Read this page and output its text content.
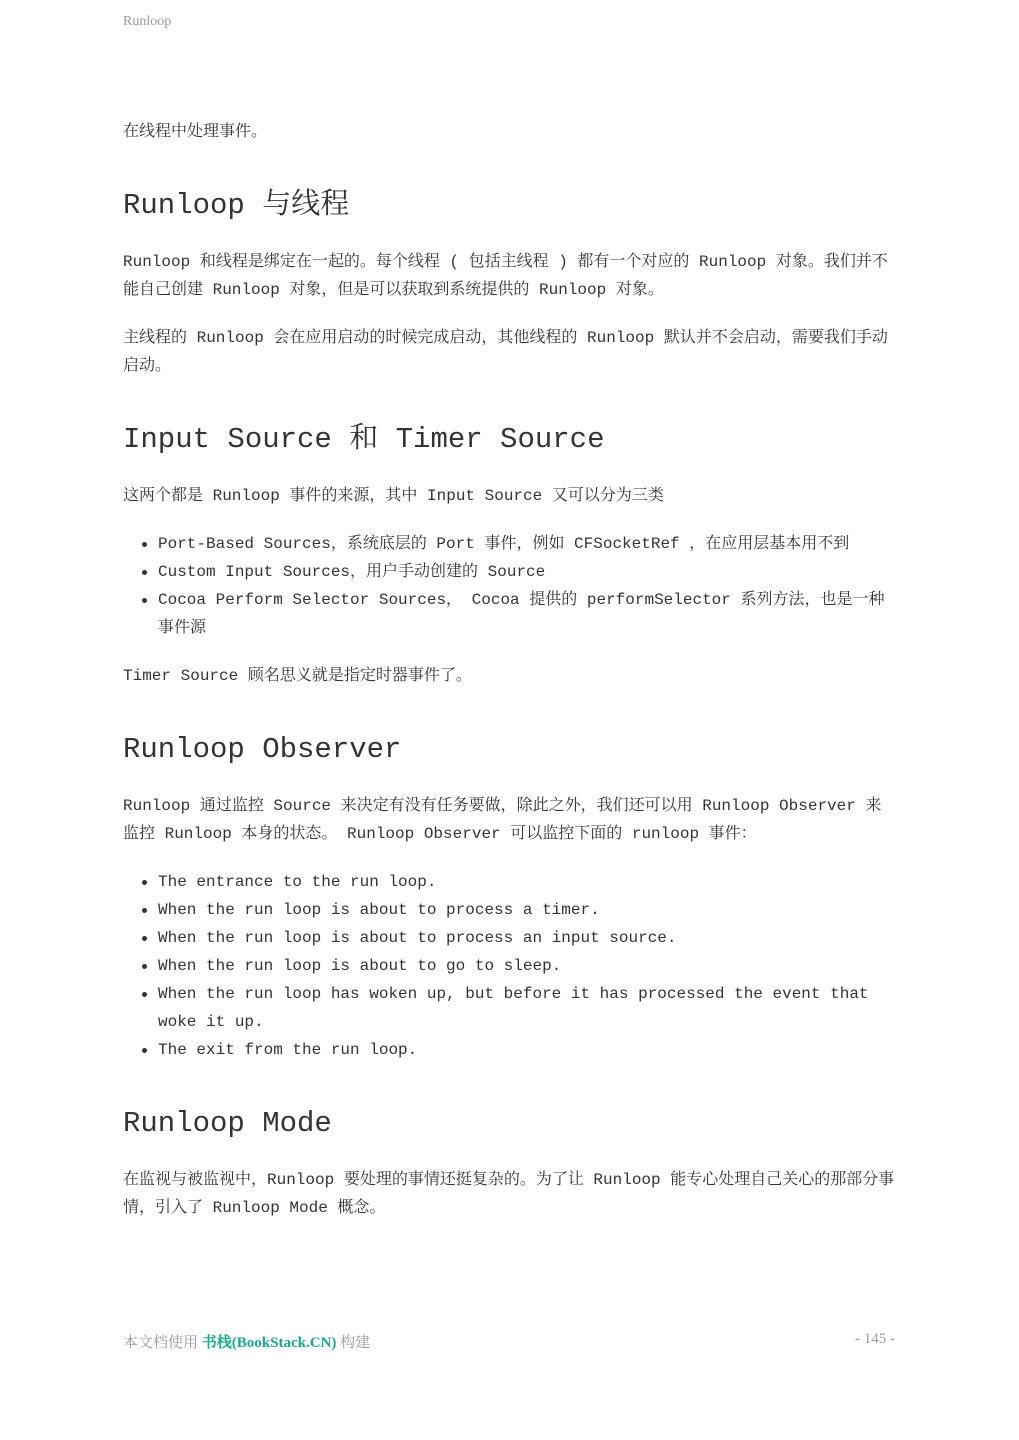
Runloop

在线程中处理事件。

Runloop 与线程

Runloop 和线程是绑定在一起的。每个线程 ( 包括主线程 ) 都有一个对应的 Runloop 对象。我们并不能自己创建 Runloop 对象，但是可以获取到系统提供的 Runloop 对象。

主线程的 Runloop 会在应用启动的时候完成启动，其他线程的 Runloop 默认并不会启动，需要我们手动启动。

Input Source 和 Timer Source

这两个都是 Runloop 事件的来源，其中 Input Source 又可以分为三类

Port-Based Sources，系统底层的 Port 事件，例如 CFSocketRef ，在应用层基本用不到
Custom Input Sources，用户手动创建的 Source
Cocoa Perform Selector Sources， Cocoa 提供的 performSelector 系列方法，也是一种事件源

Timer Source 顾名思义就是指定时器事件了。

Runloop Observer

Runloop 通过监控 Source 来决定有没有任务要做，除此之外，我们还可以用 Runloop Observer 来监控 Runloop 本身的状态。 Runloop Observer 可以监控下面的 runloop 事件：

The entrance to the run loop.
When the run loop is about to process a timer.
When the run loop is about to process an input source.
When the run loop is about to go to sleep.
When the run loop has woken up, but before it has processed the event that woke it up.
The exit from the run loop.
Runloop Mode

在监视与被监视中，Runloop 要处理的事情还挺复杂的。为了让 Runloop 能专心处理自己关心的那部分事情，引入了 Runloop Mode 概念。

本文档使用 书栈(BookStack.CN) 构建	- 145 -
